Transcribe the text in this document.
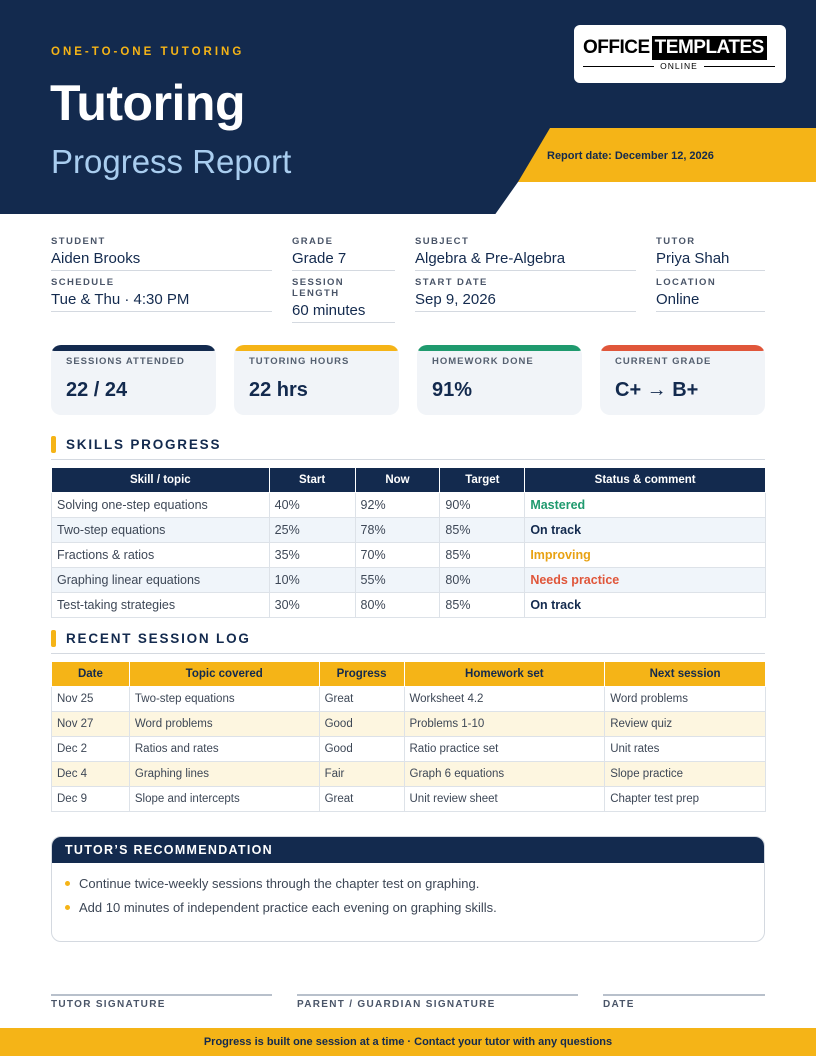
ONE-TO-ONE TUTORING
Tutoring
Progress Report	Report date: December 12, 2026
OFFICE TEMPLATES
ONLINE
STUDENT
Aiden Brooks
GRADE
Grade 7
SUBJECT
Algebra & Pre-Algebra
TUTOR
Priya Shah
SCHEDULE
Tue & Thu · 4:30 PM
SESSION LENGTH
60 minutes
START DATE
Sep 9, 2026
LOCATION
Online
SESSIONS ATTENDED
22 / 24
TUTORING HOURS
22 hrs
HOMEWORK DONE
91%
CURRENT GRADE
C+ → B+
SKILLS PROGRESS
Skill / topic	Start	Now	Target	Status & comment
Solving one-step equations	40%	92%	90%	Mastered
Two-step equations	25%	78%	85%	On track
Fractions & ratios	35%	70%	85%	Improving
Graphing linear equations	10%	55%	80%	Needs practice
Test-taking strategies	30%	80%	85%	On track
RECENT SESSION LOG
Date	Topic covered	Progress	Homework set	Next session
Nov 25	Two-step equations	Great	Worksheet 4.2	Word problems
Nov 27	Word problems	Good	Problems 1-10	Review quiz
Dec 2	Ratios and rates	Good	Ratio practice set	Unit rates
Dec 4	Graphing lines	Fair	Graph 6 equations	Slope practice
Dec 9	Slope and intercepts	Great	Unit review sheet	Chapter test prep
TUTOR’S RECOMMENDATION
Continue twice-weekly sessions through the chapter test on graphing.
Add 10 minutes of independent practice each evening on graphing skills.
TUTOR SIGNATURE	PARENT / GUARDIAN SIGNATURE	DATE
Progress is built one session at a time · Contact your tutor with any questions
